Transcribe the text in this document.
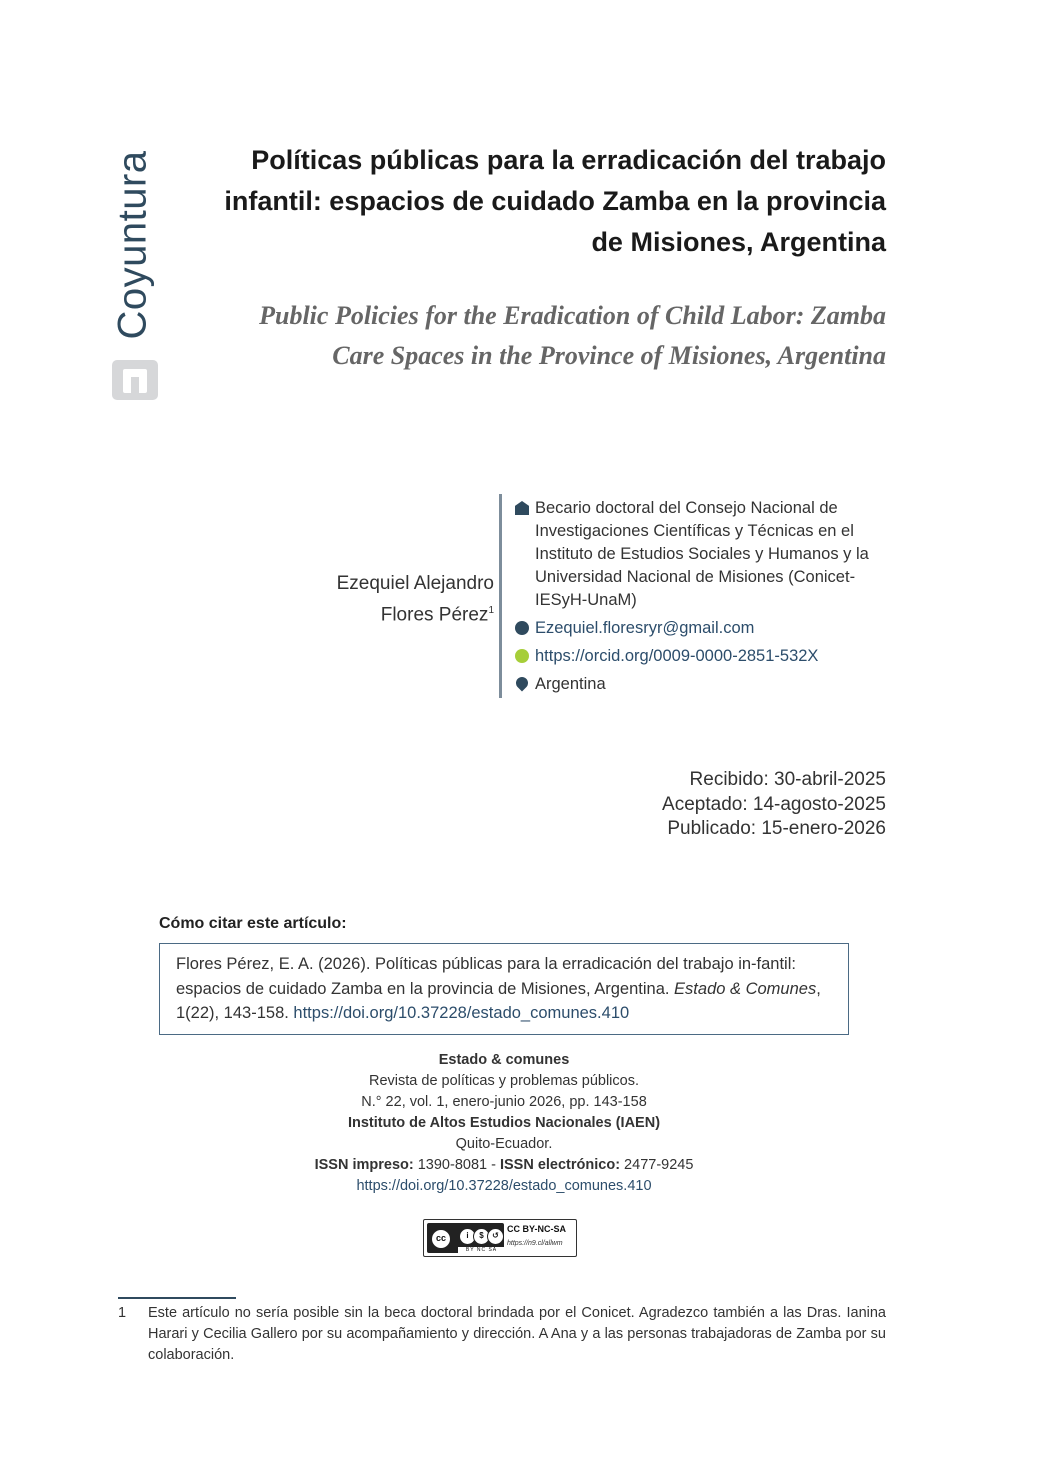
Coyuntura	Políticas públicas para la erradicación del trabajo infantil: espacios de cuidado Zamba en la provincia de Misiones, Argentina
Public Policies for the Eradication of Child Labor: Zamba Care Spaces in the Province of Misiones, Argentina
Ezequiel Alejandro
Flores Pérez$^1$
Becario doctoral del Consejo Nacional de Investigaciones Científicas y Técnicas en el Instituto de Estudios Sociales y Humanos y la Universidad Nacional de Misiones (Conicet-IESyH-UnaM)
Ezequiel.floresryr@gmail.com
https://orcid.org/0009-0000-2851-532X
Argentina
Recibido: 30-abril-2025
Aceptado: 14-agosto-2025
Publicado: 15-enero-2026
Cómo citar este artículo:
Flores Pérez, E. A. (2026). Políticas públicas para la erradicación del trabajo in-fantil: espacios de cuidado Zamba en la provincia de Misiones, Argentina. Estado & Comunes, 1(22), 143-158. https://doi.org/10.37228/estado_comunes.410
Estado & comunes
Revista de políticas y problemas públicos.
N.° 22, vol. 1, enero-junio 2026, pp. 143-158
Instituto de Altos Estudios Nacionales (IAEN)
Quito-Ecuador.
ISSN impreso: 1390-8081 - ISSN electrónico: 2477-9245
https://doi.org/10.37228/estado_comunes.410
cc	i	$	↺
BY NC SA
CC BY-NC-SA
https://n9.cl/allwm
1 Este artículo no sería posible sin la beca doctoral brindada por el Conicet. Agradezco también a las Dras. Ianina Harari y Cecilia Gallero por su acompañamiento y dirección. A Ana y a las personas trabajadoras de Zamba por su colaboración.
